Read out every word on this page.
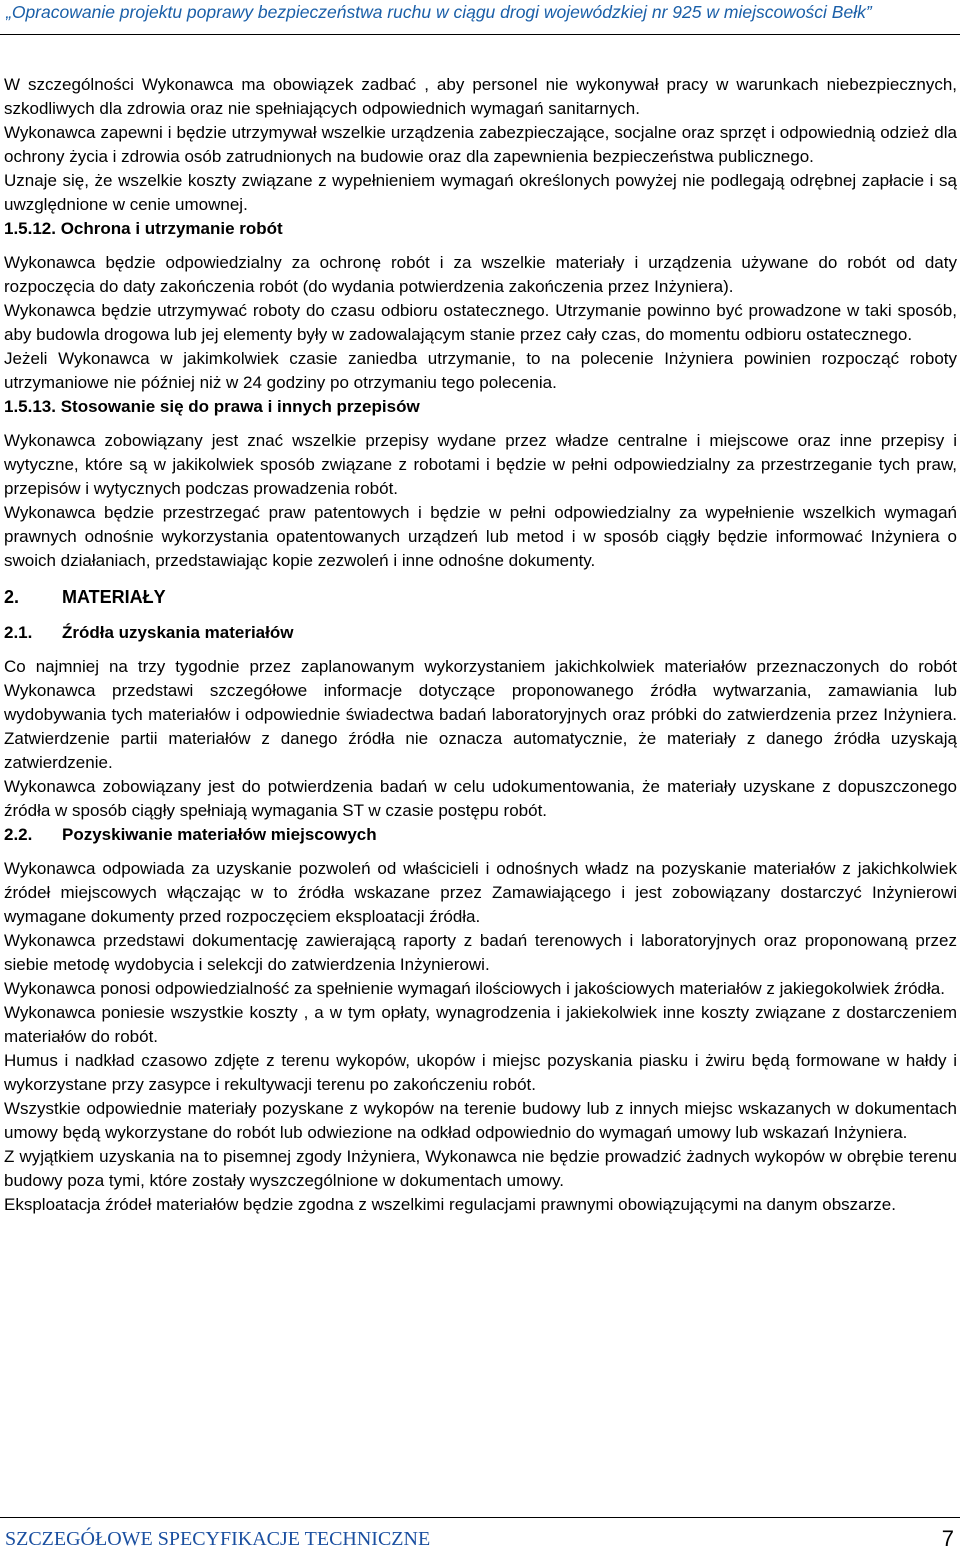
„Opracowanie projektu poprawy bezpieczeństwa ruchu w ciągu drogi wojewódzkiej nr 925 w miejscowości Bełk”

W szczególności Wykonawca ma obowiązek zadbać , aby personel nie wykonywał pracy w warunkach niebezpiecznych, szkodliwych dla zdrowia oraz nie spełniających odpowiednich wymagań sanitarnych.

Wykonawca zapewni i będzie utrzymywał wszelkie urządzenia zabezpieczające, socjalne oraz sprzęt i odpowiednią odzież dla ochrony życia i zdrowia osób zatrudnionych na budowie oraz dla zapewnienia bezpieczeństwa publicznego.

Uznaje się, że wszelkie koszty związane z wypełnieniem wymagań określonych powyżej nie podlegają odrębnej zapłacie i są uwzględnione w cenie umownej.

1.5.12. Ochrona i utrzymanie robót

Wykonawca będzie odpowiedzialny za ochronę robót i za wszelkie materiały i urządzenia używane do robót od daty rozpoczęcia do daty zakończenia robót (do wydania potwierdzenia zakończenia przez Inżyniera).

Wykonawca będzie utrzymywać roboty do czasu odbioru ostatecznego. Utrzymanie powinno być prowadzone w taki sposób, aby budowla drogowa lub jej elementy były w zadowalającym stanie przez cały czas, do momentu odbioru ostatecznego.

Jeżeli Wykonawca w jakimkolwiek czasie zaniedba utrzymanie, to na polecenie Inżyniera powinien rozpocząć roboty utrzymaniowe nie później niż w 24 godziny po otrzymaniu tego polecenia.

1.5.13. Stosowanie się do prawa i innych przepisów

Wykonawca zobowiązany jest znać wszelkie przepisy wydane przez władze centralne i miejscowe oraz inne przepisy i wytyczne, które są w jakikolwiek sposób związane z robotami i będzie w pełni odpowiedzialny za przestrzeganie tych praw, przepisów i wytycznych podczas prowadzenia robót.

Wykonawca będzie przestrzegać praw patentowych i będzie w pełni odpowiedzialny za wypełnienie wszelkich wymagań prawnych odnośnie wykorzystania opatentowanych urządzeń lub metod i w sposób ciągły będzie informować Inżyniera o swoich działaniach, przedstawiając kopie zezwoleń i inne odnośne dokumenty.

2. MATERIAŁY
2.1. Źródła uzyskania materiałów

Co najmniej na trzy tygodnie przez zaplanowanym wykorzystaniem jakichkolwiek materiałów przeznaczonych do robót Wykonawca przedstawi szczegółowe informacje dotyczące proponowanego źródła wytwarzania, zamawiania lub wydobywania tych materiałów i odpowiednie świadectwa badań laboratoryjnych oraz próbki do zatwierdzenia przez Inżyniera. Zatwierdzenie partii materiałów z danego źródła nie oznacza automatycznie, że materiały z danego źródła uzyskają zatwierdzenie.

Wykonawca zobowiązany jest do potwierdzenia badań w celu udokumentowania, że materiały uzyskane z dopuszczonego źródła w sposób ciągły spełniają wymagania ST w czasie postępu robót.

2.2. Pozyskiwanie materiałów miejscowych

Wykonawca odpowiada za uzyskanie pozwoleń od właścicieli i odnośnych władz na pozyskanie materiałów z jakichkolwiek źródeł miejscowych włączając w to źródła wskazane przez Zamawiającego i jest zobowiązany dostarczyć Inżynierowi wymagane dokumenty przed rozpoczęciem eksploatacji źródła.

Wykonawca przedstawi dokumentację zawierającą raporty z badań terenowych i laboratoryjnych oraz proponowaną przez siebie metodę wydobycia i selekcji do zatwierdzenia Inżynierowi.

Wykonawca ponosi odpowiedzialność za spełnienie wymagań ilościowych i jakościowych materiałów z jakiegokolwiek źródła.

Wykonawca poniesie wszystkie koszty , a w tym opłaty, wynagrodzenia i jakiekolwiek inne koszty związane z dostarczeniem materiałów do robót.

Humus i nadkład czasowo zdjęte z terenu wykopów, ukopów i miejsc pozyskania piasku i żwiru będą formowane w hałdy i wykorzystane przy zasypce i rekultywacji terenu po zakończeniu robót.

Wszystkie odpowiednie materiały pozyskane z wykopów na terenie budowy lub z innych miejsc wskazanych w dokumentach umowy będą wykorzystane do robót lub odwiezione na odkład odpowiednio do wymagań umowy lub wskazań Inżyniera.

Z wyjątkiem uzyskania na to pisemnej zgody Inżyniera, Wykonawca nie będzie prowadzić żadnych wykopów w obrębie terenu budowy poza tymi, które zostały wyszczególnione w dokumentach umowy.

Eksploatacja źródeł materiałów będzie zgodna z wszelkimi regulacjami prawnymi obowiązującymi na danym obszarze.

SZCZEGÓŁOWE SPECYFIKACJE TECHNICZNE	7
